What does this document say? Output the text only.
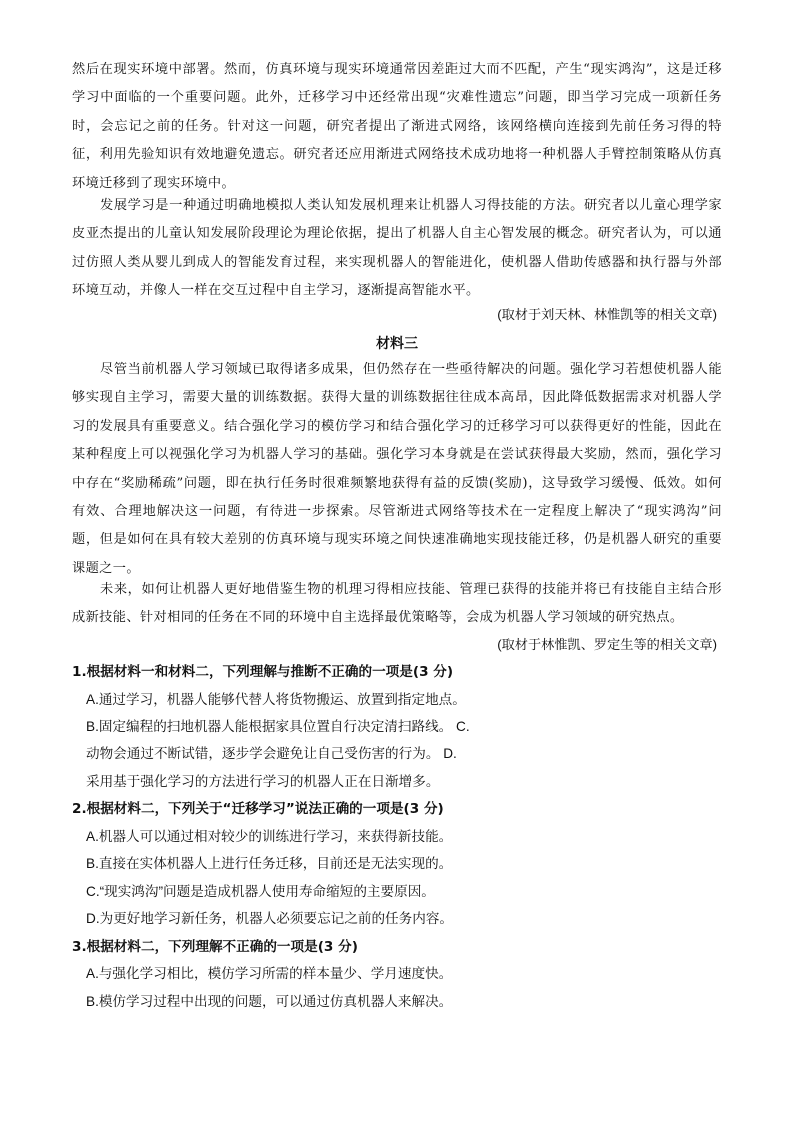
然后在现实环境中部署。然而，仿真环境与现实环境通常因差距过大而不匹配，产生“现实鸿沟”，这是迁移学习中面临的一个重要问题。此外，迁移学习中还经常出现“灾难性遗忘”问题，即当学习完成一项新任务时，会忘记之前的任务。针对这一问题，研究者提出了渐进式网络，该网络横向连接到先前任务习得的特征，利用先验知识有效地避免遗忘。研究者还应用渐进式网络技术成功地将一种机器人手臂控制策略从仿真环境迁移到了现实环境中。

发展学习是一种通过明确地模拟人类认知发展机理来让机器人习得技能的方法。研究者以儿童心理学家皮亚杰提出的儿童认知发展阶段理论为理论依据，提出了机器人自主心智发展的概念。研究者认为，可以通过仿照人类从婴儿到成人的智能发育过程，来实现机器人的智能进化，使机器人借助传感器和执行器与外部环境互动，并像人一样在交互过程中自主学习，逐渐提高智能水平。

(取材于刘天林、林惟凯等的相关文章)

材料三

尽管当前机器人学习领域已取得诸多成果，但仍然存在一些亟待解决的问题。强化学习若想使机器人能够实现自主学习，需要大量的训练数据。获得大量的训练数据往往成本高昂，因此降低数据需求对机器人学习的发展具有重要意义。结合强化学习的模仿学习和结合强化学习的迁移学习可以获得更好的性能，因此在某种程度上可以视强化学习为机器人学习的基础。强化学习本身就是在尝试获得最大奖励，然而，强化学习中存在“奖励稀疏”问题，即在执行任务时很难频繁地获得有益的反馈(奖励)，这导致学习缓慢、低效。如何有效、合理地解决这一问题，有待进一步探索。尽管渐进式网络等技术在一定程度上解决了“现实鸿沟”问题，但是如何在具有较大差别的仿真环境与现实环境之间快速准确地实现技能迁移，仍是机器人研究的重要课题之一。

未来，如何让机器人更好地借鉴生物的机理习得相应技能、管理已获得的技能并将已有技能自主结合形成新技能、针对相同的任务在不同的环境中自主选择最优策略等，会成为机器人学习领域的研究热点。

(取材于林惟凯、罗定生等的相关文章)

1.根据材料一和材料二，下列理解与推断不正确的一项是(3 分)

A.通过学习，机器人能够代替人将货物搬运、放置到指定地点。

B.固定编程的扫地机器人能根据家具位置自行决定清扫路线。 C.

动物会通过不断试错，逐步学会避免让自己受伤害的行为。 D.

采用基于强化学习的方法进行学习的机器人正在日渐增多。

2.根据材料二，下列关于“迁移学习”说法正确的一项是(3 分)

A.机器人可以通过相对较少的训练进行学习，来获得新技能。

B.直接在实体机器人上进行任务迁移，目前还是无法实现的。

C.“现实鸿沟”问题是造成机器人使用寿命缩短的主要原因。

D.为更好地学习新任务，机器人必须要忘记之前的任务内容。

3.根据材料二，下列理解不正确的一项是(3 分)

A.与强化学习相比，模仿学习所需的样本量少、学月速度快。

B.模仿学习过程中出现的问题，可以通过仿真机器人来解决。
